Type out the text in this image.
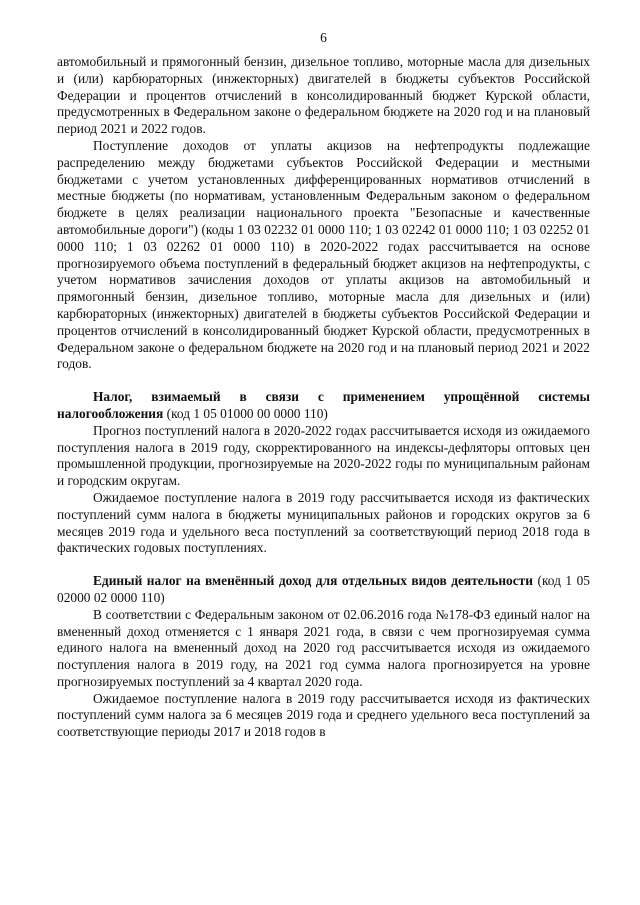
6

автомобильный и прямогонный бензин, дизельное топливо, моторные масла для дизельных и (или) карбюраторных (инжекторных) двигателей в бюджеты субъектов Российской Федерации и процентов отчислений в консолидированный бюджет Курской области, предусмотренных в Федеральном законе о федеральном бюджете на 2020 год и на плановый период 2021 и 2022 годов.

Поступление доходов от уплаты акцизов на нефтепродукты подлежащие распределению между бюджетами субъектов Российской Федерации и местными бюджетами с учетом установленных дифференцированных нормативов отчислений в местные бюджеты (по нормативам, установленным Федеральным законом о федеральном бюджете в целях реализации национального проекта "Безопасные и качественные автомобильные дороги") (коды 1 03 02232 01 0000 110; 1 03 02242 01 0000 110; 1 03 02252 01 0000 110; 1 03 02262 01 0000 110) в 2020-2022 годах рассчитывается на основе прогнозируемого объема поступлений в федеральный бюджет акцизов на нефтепродукты, с учетом нормативов зачисления доходов от уплаты акцизов на автомобильный и прямогонный бензин, дизельное топливо, моторные масла для дизельных и (или) карбюраторных (инжекторных) двигателей в бюджеты субъектов Российской Федерации и процентов отчислений в консолидированный бюджет Курской области, предусмотренных в Федеральном законе о федеральном бюджете на 2020 год и на плановый период 2021 и 2022 годов.

Налог, взимаемый в связи с применением упрощённой системы налогообложения (код 1 05 01000 00 0000 110)

Прогноз поступлений налога в 2020-2022 годах рассчитывается исходя из ожидаемого поступления налога в 2019 году, скорректированного на индексы-дефляторы оптовых цен промышленной продукции, прогнозируемые на 2020-2022 годы по муниципальным районам и городским округам.

Ожидаемое поступление налога в 2019 году рассчитывается исходя из фактических поступлений сумм налога в бюджеты муниципальных районов и городских округов за 6 месяцев 2019 года и удельного веса поступлений за соответствующий период 2018 года в фактических годовых поступлениях.

Единый налог на вменённый доход для отдельных видов деятельности (код 1 05 02000 02 0000 110)

В соответствии с Федеральным законом от 02.06.2016 года №178-ФЗ единый налог на вмененный доход отменяется с 1 января 2021 года, в связи с чем прогнозируемая сумма единого налога на вмененный доход на 2020 год рассчитывается исходя из ожидаемого поступления налога в 2019 году, на 2021 год сумма налога прогнозируется на уровне прогнозируемых поступлений за 4 квартал 2020 года.

Ожидаемое поступление налога в 2019 году рассчитывается исходя из фактических поступлений сумм налога за 6 месяцев 2019 года и среднего удельного веса поступлений за соответствующие периоды 2017 и 2018 годов в
